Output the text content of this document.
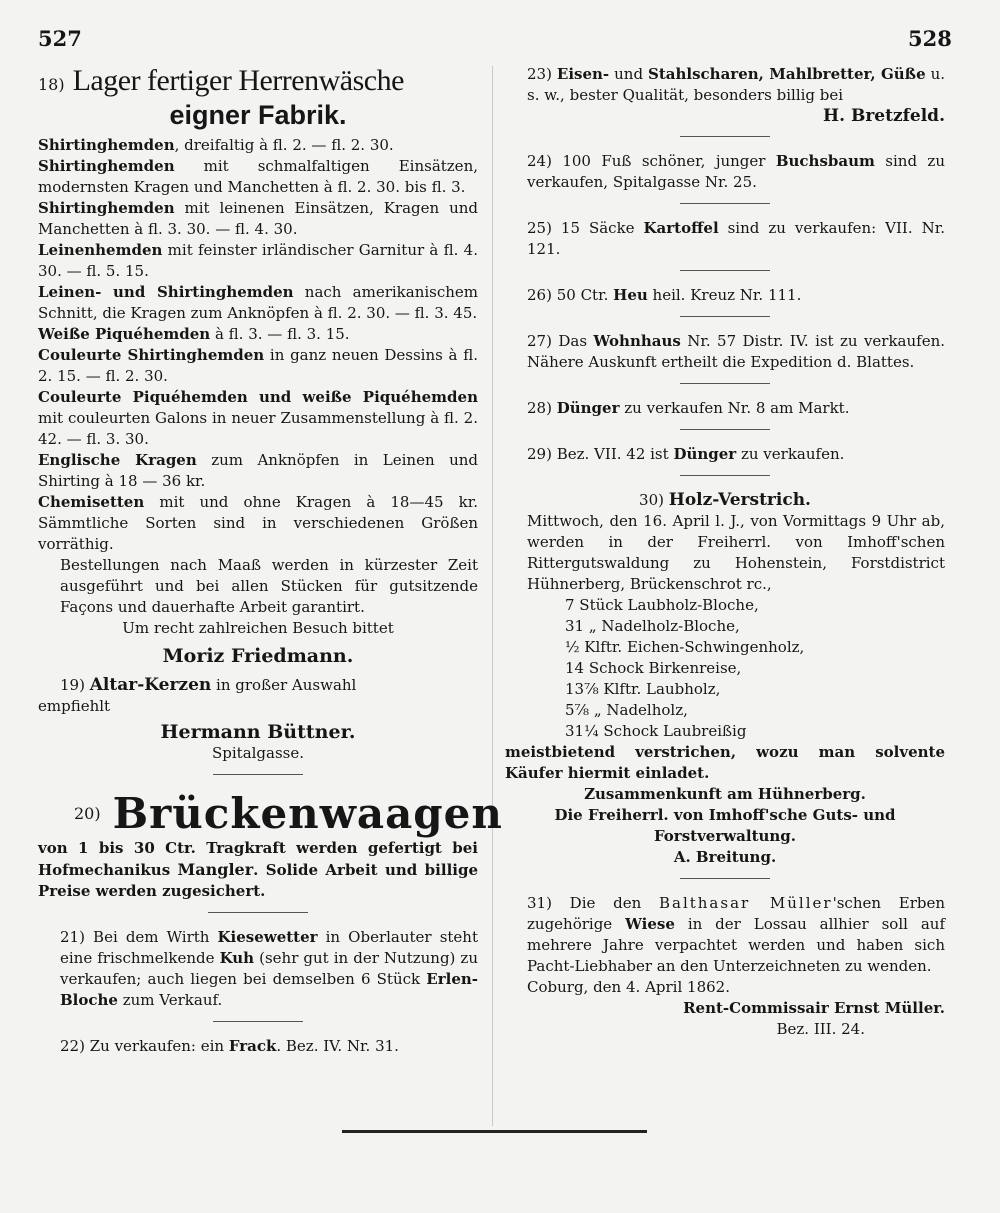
527	528
18) Lager fertiger Herrenwäsche
eigner Fabrik.

Shirtinghemden, dreifaltig à fl. 2. — fl. 2. 30.

Shirtinghemden mit schmalfaltigen Einsätzen, modernsten Kragen und Manchetten à fl. 2. 30. bis fl. 3.

Shirtinghemden mit leinenen Einsätzen, Kragen und Manchetten à fl. 3. 30. — fl. 4. 30.

Leinenhemden mit feinster irländischer Garnitur à fl. 4. 30. — fl. 5. 15.

Leinen- und Shirtinghemden nach amerikanischem Schnitt, die Kragen zum Anknöpfen à fl. 2. 30. — fl. 3. 45.

Weiße Piquéhemden à fl. 3. — fl. 3. 15.

Couleurte Shirtinghemden in ganz neuen Dessins à fl. 2. 15. — fl. 2. 30.

Couleurte Piquéhemden und weiße Piquéhemden mit couleurten Galons in neuer Zusammenstellung à fl. 2. 42. — fl. 3. 30.

Englische Kragen zum Anknöpfen in Leinen und Shirting à 18 — 36 kr.

Chemisetten mit und ohne Kragen à 18—45 kr. Sämmtliche Sorten sind in verschiedenen Größen vorräthig.

Bestellungen nach Maaß werden in kürzester Zeit ausgeführt und bei allen Stücken für gutsitzende Façons und dauerhafte Arbeit garantirt.

Um recht zahlreichen Besuch bittet

Moriz Friedmann.

19) Altar-Kerzen in großer Auswahl

empfiehlt

Hermann Büttner.

Spitalgasse.

20) Brückenwaagen

von 1 bis 30 Ctr. Tragkraft werden gefertigt bei Hofmechanikus Mangler. Solide Arbeit und billige Preise werden zugesichert.

21) Bei dem Wirth Kiesewetter in Oberlauter steht eine frischmelkende Kuh (sehr gut in der Nutzung) zu verkaufen; auch liegen bei demselben 6 Stück Erlen-Bloche zum Verkauf.

22) Zu verkaufen: ein Frack. Bez. IV. Nr. 31.

23) Eisen- und Stahlscharen, Mahlbretter, Güße u. s. w., bester Qualität, besonders billig bei

H. Bretzfeld.

24) 100 Fuß schöner, junger Buchsbaum sind zu verkaufen, Spitalgasse Nr. 25.

25) 15 Säcke Kartoffel sind zu verkaufen: VII. Nr. 121.

26) 50 Ctr. Heu heil. Kreuz Nr. 111.

27) Das Wohnhaus Nr. 57 Distr. IV. ist zu verkaufen. Nähere Auskunft ertheilt die Expedition d. Blattes.

28) Dünger zu verkaufen Nr. 8 am Markt.

29) Bez. VII. 42 ist Dünger zu verkaufen.

30) Holz-Verstrich.

Mittwoch, den 16. April l. J., von Vormittags 9 Uhr ab, werden in der Freiherrl. von Imhoff'schen Rittergutswaldung zu Hohenstein, Forstdistrict Hühnerberg, Brückenschrot rc.,

7 Stück Laubholz-Bloche,
31 „ Nadelholz-Bloche,
½ Klftr. Eichen-Schwingenholz,
14 Schock Birkenreise,
13⅞ Klftr. Laubholz,
5⅞ „ Nadelholz,
31¼ Schock Laubreißig

meistbietend verstrichen, wozu man solvente Käufer hiermit einladet.

Zusammenkunft am Hühnerberg.

Die Freiherrl. von Imhoff'sche Guts- und

Forstverwaltung.

A. Breitung.

31) Die den Balthasar Müller'schen Erben zugehörige Wiese in der Lossau allhier soll auf mehrere Jahre verpachtet werden und haben sich Pacht-Liebhaber an den Unterzeichneten zu wenden.

Coburg, den 4. April 1862.

Rent-Commissair Ernst Müller.

Bez. III. 24.
